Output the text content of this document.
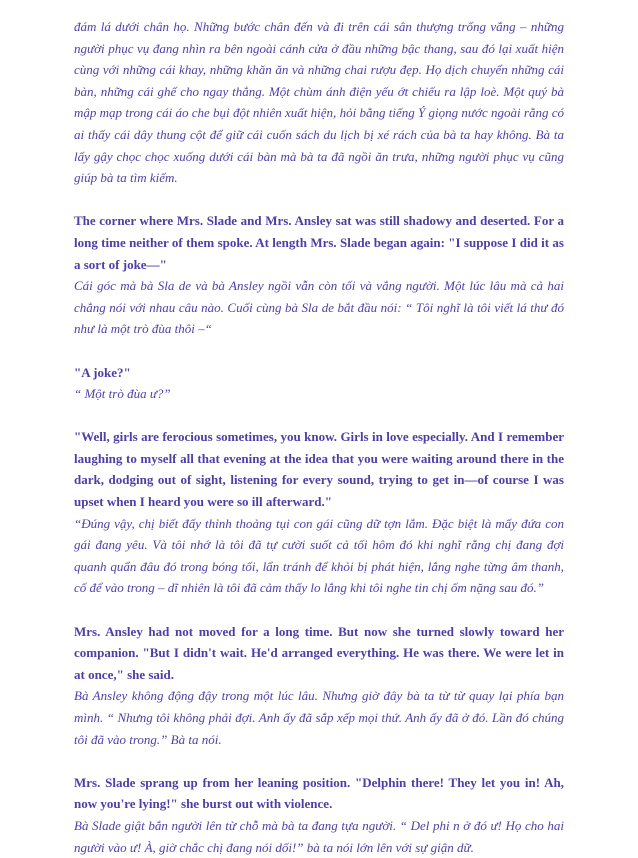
đám lá dưới chân họ. Những bước chân đến và đi trên cái sân thượng trống vắng – những người phục vụ đang nhìn ra bên ngoài cánh cửa ở đầu những bậc thang, sau đó lại xuất hiện cùng với những cái khay, những khăn ăn và những chai rượu đẹp. Họ dịch chuyển những cái bàn, những cái ghế cho ngay thẳng. Một chùm ánh điện yếu ớt chiếu ra lập loè. Một quý bà mập mạp trong cái áo che bụi đột nhiên xuất hiện, hỏi bằng tiếng Ý giọng nước ngoài rằng có ai thấy cái dây thung cột để giữ cái cuốn sách du lịch bị xé rách của bà ta hay không. Bà ta lấy gậy chọc chọc xuống dưới cái bàn mà bà ta đã ngồi ăn trưa, những người phục vụ cũng giúp bà ta tìm kiếm.

The corner where Mrs. Slade and Mrs. Ansley sat was still shadowy and deserted. For a long time neither of them spoke. At length Mrs. Slade began again: "I suppose I did it as a sort of joke—"

Cái góc mà bà Sla de và bà Ansley ngồi vẫn còn tối và vắng người. Một lúc lâu mà cả hai chẳng nói với nhau câu nào. Cuối cùng bà Sla de bắt đầu nói: “ Tôi nghĩ là tôi viết lá thư đó như là một trò đùa thôi –“

"A joke?"

“ Một trò đùa ư?”

"Well, girls are ferocious sometimes, you know. Girls in love especially. And I remember laughing to myself all that evening at the idea that you were waiting around there in the dark, dodging out of sight, listening for every sound, trying to get in—of course I was upset when I heard you were so ill afterward."

“Đúng vậy, chị biết đấy thỉnh thoảng tụi con gái cũng dữ tợn lắm. Đặc biệt là mấy đứa con gái đang yêu. Và tôi nhớ là tôi đã tự cười suốt cả tối hôm đó khi nghĩ rằng chị đang đợi quanh quẩn đâu đó trong bóng tối, lẩn tránh để khỏi bị phát hiện, lắng nghe từng âm thanh, cố để vào trong – dĩ nhiên là tôi đã cảm thấy lo lắng khi tôi nghe tin chị ốm nặng sau đó.”

Mrs. Ansley had not moved for a long time. But now she turned slowly toward her companion. "But I didn't wait. He'd arranged everything. He was there. We were let in at once," she said.

Bà Ansley không động đậy trong một lúc lâu. Nhưng giờ đây bà ta từ từ quay lại phía bạn mình. “ Nhưng tôi không phải đợi. Anh ấy đã sắp xếp mọi thứ. Anh ấy đã ở đó. Lần đó chúng tôi đã vào trong.” Bà ta nói.

Mrs. Slade sprang up from her leaning position. "Delphin there! They let you in! Ah, now you're lying!" she burst out with violence.

Bà Slade giật bắn người lên từ chỗ mà bà ta đang tựa người. “ Del phi n ở đó ư! Họ cho hai người vào ư! À, giờ chắc chị đang nói dối!” bà ta nói lớn lên với sự giận dữ.
